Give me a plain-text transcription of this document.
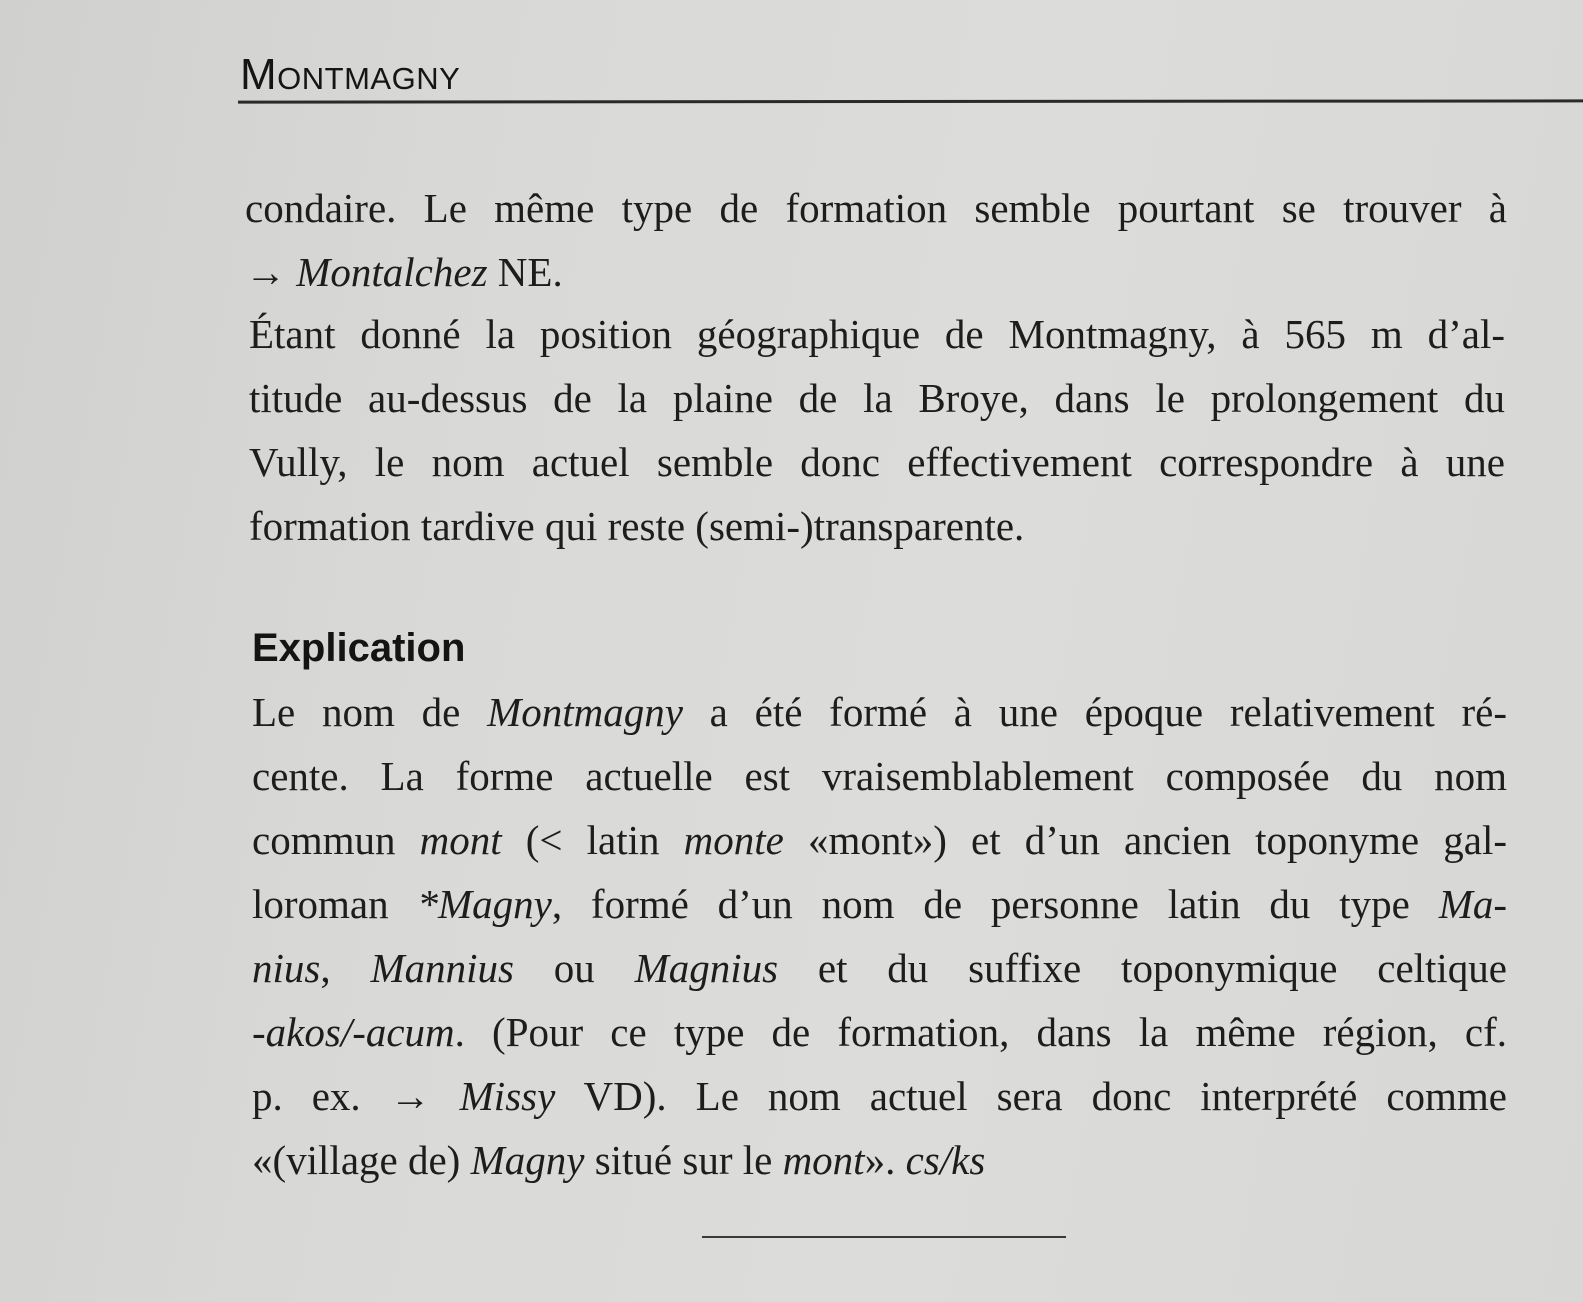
Montmagny
condaire. Le même type de formation semble pourtant se trouver à
→ Montalchez NE.
Étant donné la position géographique de Montmagny, à 565 m d’al-
titude au-dessus de la plaine de la Broye, dans le prolongement du
Vully, le nom actuel semble donc effectivement correspondre à une
formation tardive qui reste (semi-)transparente.
Explication
Le nom de Montmagny a été formé à une époque relativement ré-
cente. La forme actuelle est vraisemblablement composée du nom
commun mont (< latin monte «mont») et d’un ancien toponyme gal-
loroman *Magny, formé d’un nom de personne latin du type Ma-
nius, Mannius ou Magnius et du suffixe toponymique celtique
-akos/-acum. (Pour ce type de formation, dans la même région, cf.
p. ex. → Missy VD). Le nom actuel sera donc interprété comme
«(village de) Magny situé sur le mont». cs/ks
